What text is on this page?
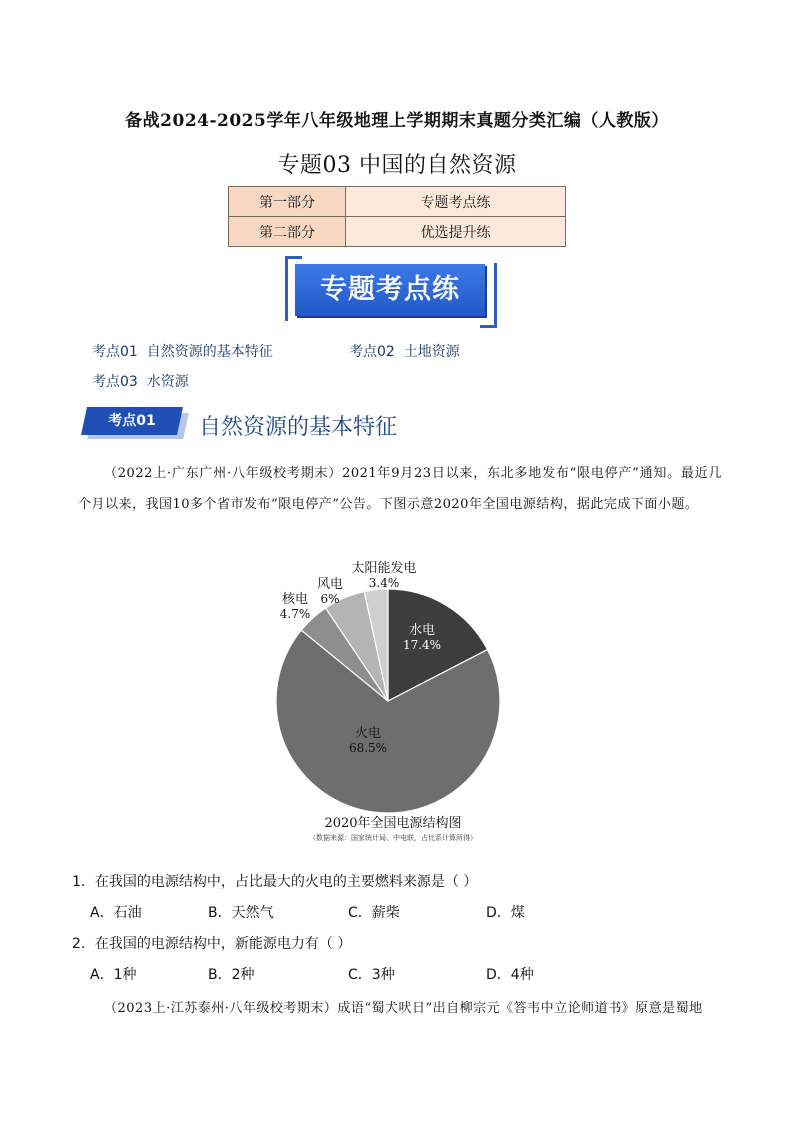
备战2024-2025学年八年级地理上学期期末真题分类汇编（人教版）
专题03 中国的自然资源
第一部分	专题考点练
第二部分	优选提升练
专题考点练
考点01 自然资源的基本特征	考点02 土地资源
考点03 水资源
考点01	自然资源的基本特征
（2022上·广东广州·八年级校考期末）2021年9月23日以来，东北多地发布“限电停产”通知。最近几个月以来，我国10多个省市发布“限电停产”公告。下图示意2020年全国电源结构，据此完成下面小题。
水电
17.4%
火电
68.5%
核电
4.7%
风电
6%
太阳能发电
3.4%
2020年全国电源结构图
（数据来源：国家统计局、中电联，占比系计算所得）
1．在我国的电源结构中，占比最大的火电的主要燃料来源是（ ）
A．石油	B．天然气	C．薪柴	D．煤
2．在我国的电源结构中，新能源电力有（ ）
A．1种	B．2种	C．3种	D．4种
（2023上·江苏泰州·八年级校考期末）成语“蜀犬吠日”出自柳宗元《答韦中立论师道书》原意是蜀地
